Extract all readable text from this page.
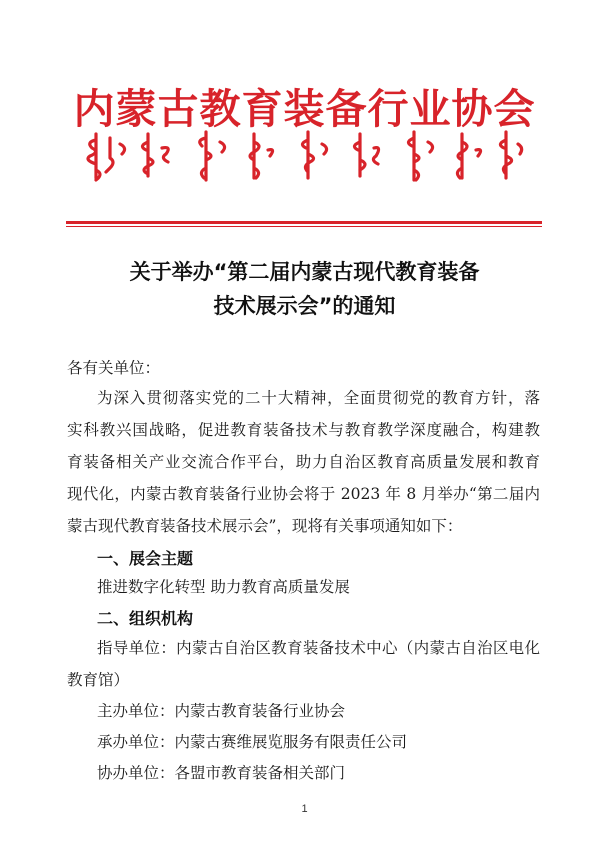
内蒙古教育装备行业协会
关于举办“第二届内蒙古现代教育装备
技术展示会”的通知
各有关单位：
为深入贯彻落实党的二十大精神，全面贯彻党的教育方针，落
实科教兴国战略，促进教育装备技术与教育教学深度融合，构建教
育装备相关产业交流合作平台，助力自治区教育高质量发展和教育
现代化，内蒙古教育装备行业协会将于 2023 年 8 月举办“第二届内
蒙古现代教育装备技术展示会”，现将有关事项通知如下：
一、展会主题
推进数字化转型 助力教育高质量发展
二、组织机构
指导单位：内蒙古自治区教育装备技术中心（内蒙古自治区电化
教育馆）
主办单位：内蒙古教育装备行业协会
承办单位：内蒙古赛维展览服务有限责任公司
协办单位：各盟市教育装备相关部门
1
